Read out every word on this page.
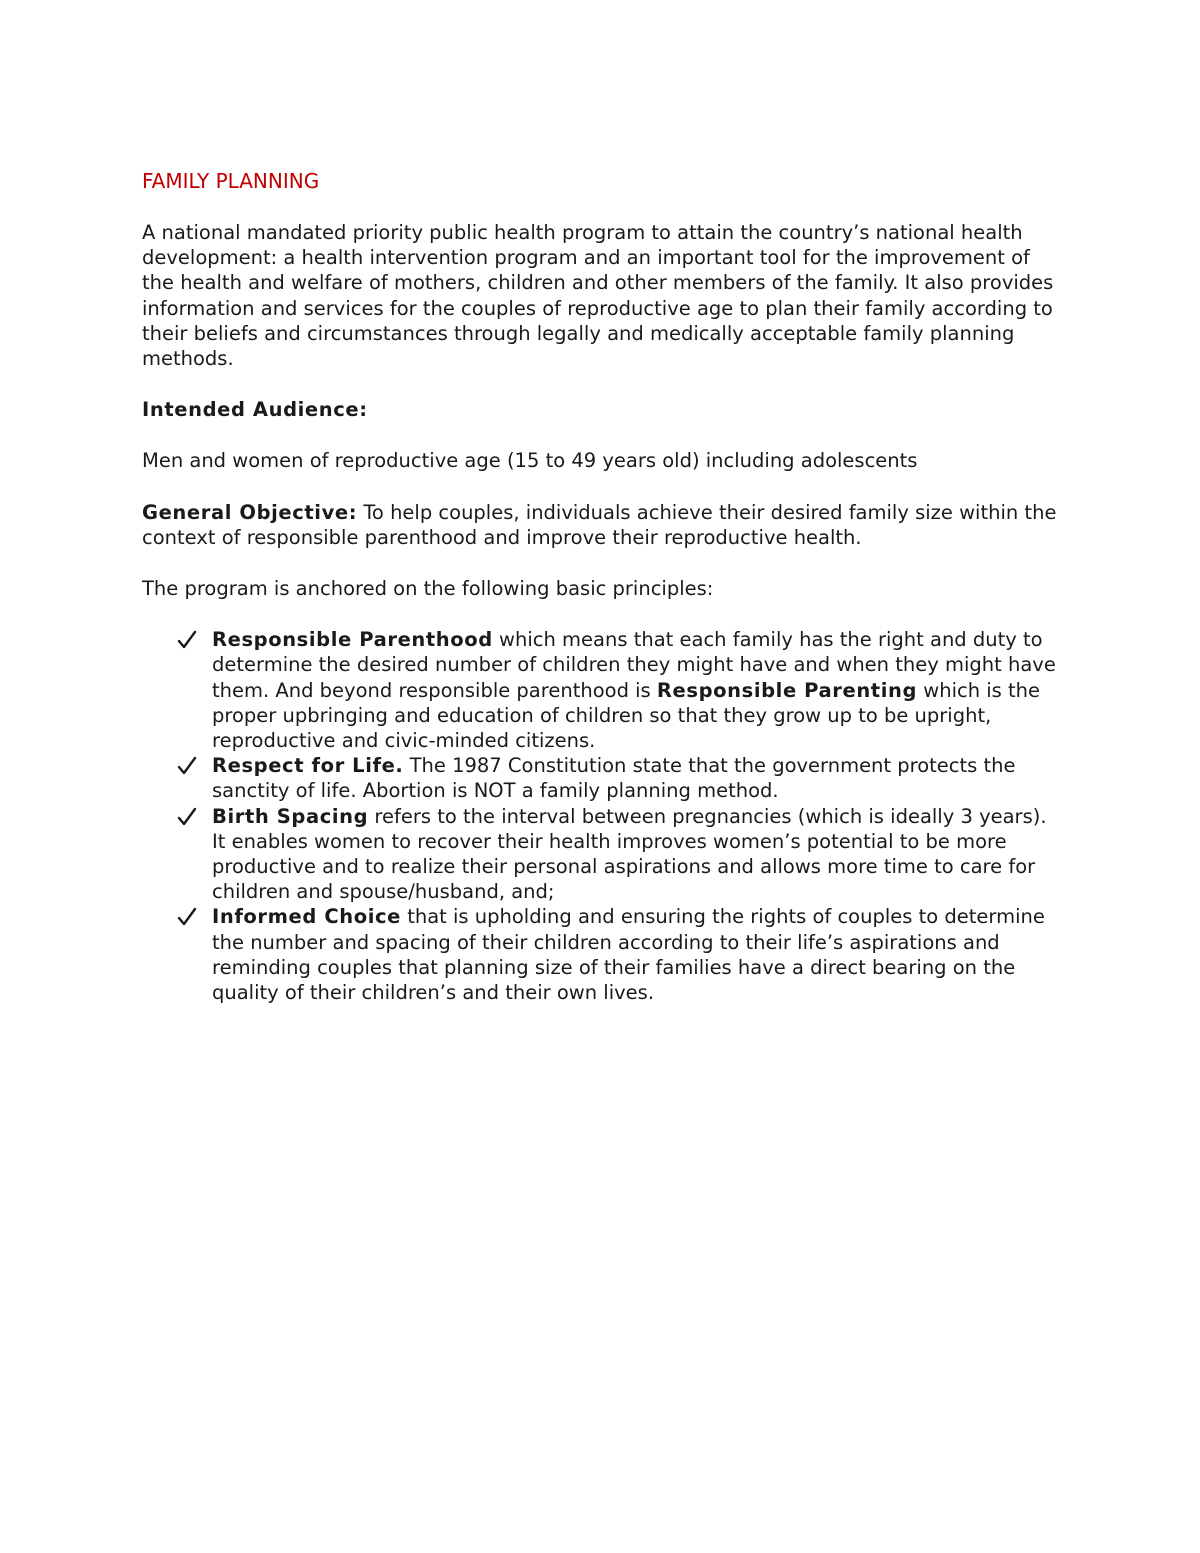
FAMILY PLANNING

A national mandated priority public health program to attain the country’s national health development: a health intervention program and an important tool for the improvement of the health and welfare of mothers, children and other members of the family. It also provides information and services for the couples of reproductive age to plan their family according to their beliefs and circumstances through legally and medically acceptable family planning methods.

Intended Audience:

Men and women of reproductive age (15 to 49 years old) including adolescents

General Objective: To help couples, individuals achieve their desired family size within the context of responsible parenthood and improve their reproductive health.

The program is anchored on the following basic principles:

Responsible Parenthood which means that each family has the right and duty to determine the desired number of children they might have and when they might have them. And beyond responsible parenthood is Responsible Parenting which is the proper upbringing and education of children so that they grow up to be upright, reproductive and civic-minded citizens.
Respect for Life. The 1987 Constitution state that the government protects the sanctity of life. Abortion is NOT a family planning method.
Birth Spacing refers to the interval between pregnancies (which is ideally 3 years). It enables women to recover their health improves women’s potential to be more productive and to realize their personal aspirations and allows more time to care for children and spouse/husband, and;
Informed Choice that is upholding and ensuring the rights of couples to determine the number and spacing of their children according to their life’s aspirations and reminding couples that planning size of their families have a direct bearing on the quality of their children’s and their own lives.
